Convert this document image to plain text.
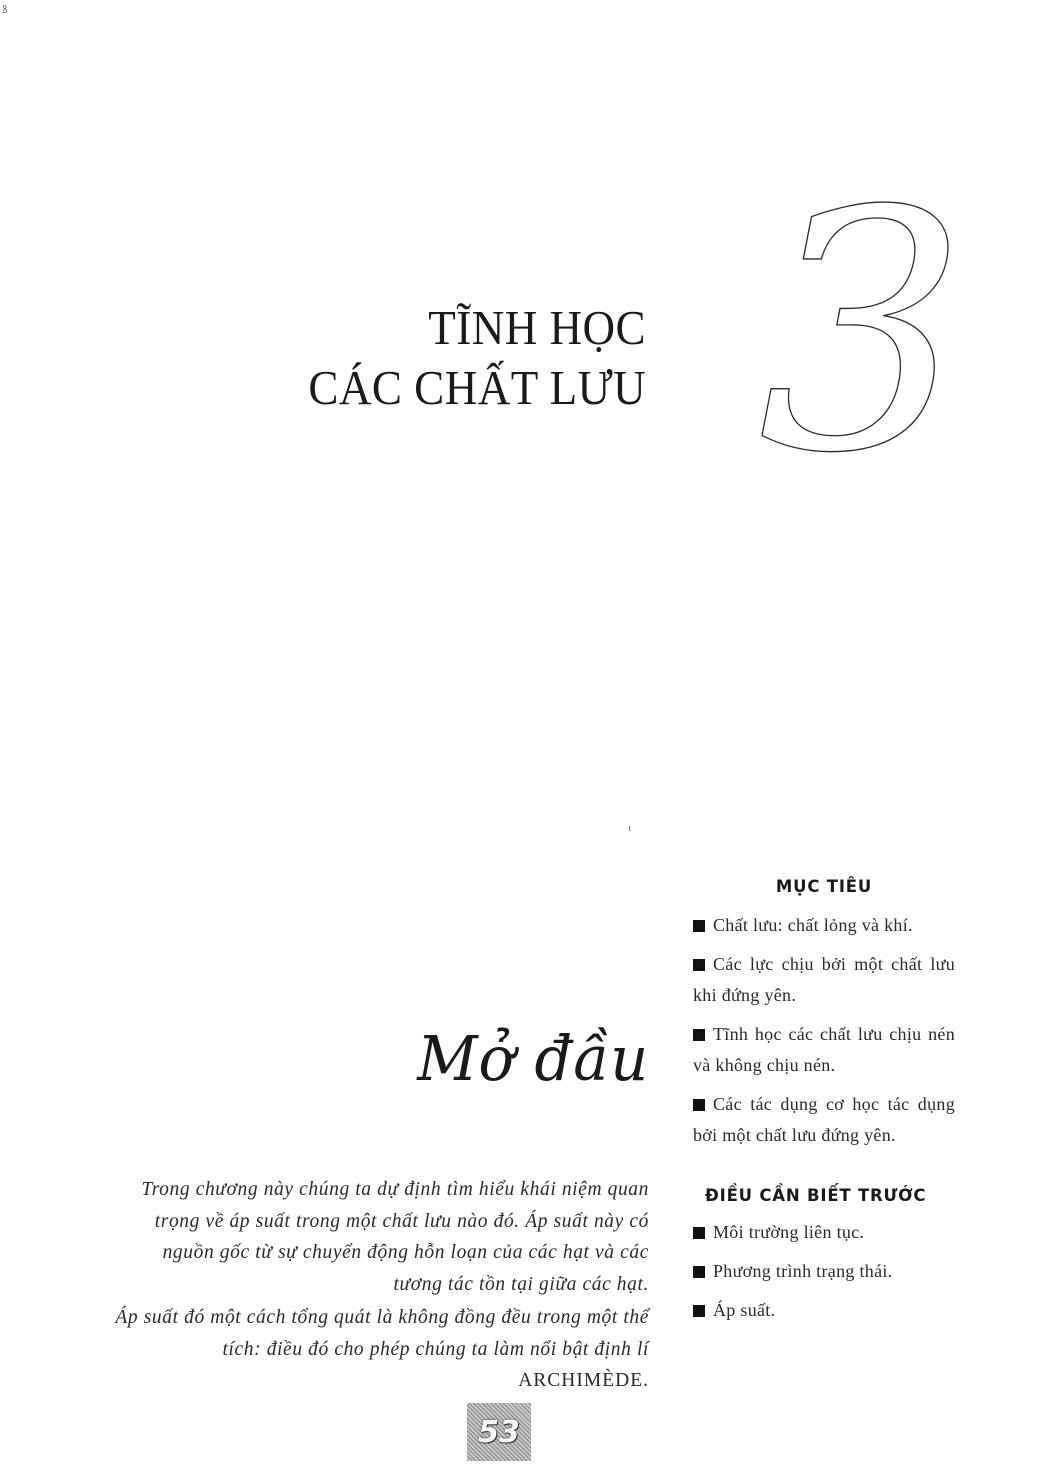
ꝸ
ı
TĨNH HỌC
CÁC CHẤT LƯU 3
Mở đầu
Trong chương này chúng ta dự định tìm hiểu khái niệm quan
trọng về áp suất trong một chất lưu nào đó. Áp suất này có
nguồn gốc từ sự chuyển động hỗn loạn của các hạt và các
tương tác tồn tại giữa các hạt.
Áp suất đó một cách tổng quát là không đồng đều trong một thể
tích: điều đó cho phép chúng ta làm nổi bật định lí
ARCHIMÈDE.
MỤC TIÊU
Chất lưu: chất lỏng và khí.
Các lực chịu bởi một chất lưu khi đứng yên.
Tĩnh học các chất lưu chịu nén và không chịu nén.
Các tác dụng cơ học tác dụng bởi một chất lưu đứng yên.
ĐIỀU CẦN BIẾT TRƯỚC
Môi trường liên tục.
Phương trình trạng thái.
Áp suất.
53
